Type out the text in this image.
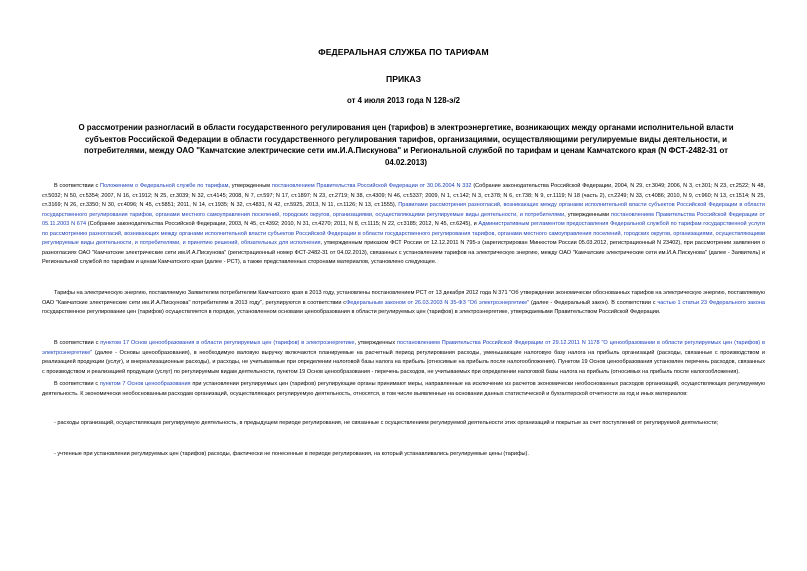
ФЕДЕРАЛЬНАЯ СЛУЖБА ПО ТАРИФАМ
ПРИКАЗ
от 4 июля 2013 года N 128-э/2
О рассмотрении разногласий в области государственного регулирования цен (тарифов) в электроэнергетике, возникающих между органами исполнительной власти субъектов Российской Федерации в области государственного регулирования тарифов, организациями, осуществляющими регулируемые виды деятельности, и потребителями, между ОАО "Камчатские электрические сети им.И.А.Пискунова" и Региональной службой по тарифам и ценам Камчатского края (N ФСТ-2482-31 от 04.02.2013)
В соответствии с Положением о Федеральной службе по тарифам, утвержденным постановлением Правительства Российской Федерации от 30.06.2004 N 332 (Собрание законодательства Российской Федерации, 2004, N 29, ст.3049; 2006, N 3, ст.301; N 23, ст.2522; N 48, ст.5032; N 50, ст.5354; 2007, N 16, ст.1912; N 25, ст.3039; N 32, ст.4145; 2008, N 7, ст.597; N 17, ст.1897; N 23, ст.2719; N 38, ст.4309; N 46, ст.5337; 2009, N 1, ст.142; N 3, ст.378; N 6, ст.738; N 9, ст.1119; N 18 (часть 2), ст.2249; N 33, ст.4086; 2010, N 9, ст.960; N 13, ст.1514; N 25, ст.3169; N 26, ст.3350; N 30, ст.4096; N 45, ст.5851; 2011, N 14, ст.1935; N 32, ст.4831, N 42, ст.5925, 2013, N 11, ст.1126; N 13, ст.1555), Правилами рассмотрения разногласий, возникающих между органами исполнительной власти субъектов Российской Федерации в области государственного регулирования тарифов, органами местного самоуправления поселений, городских округов, организациями, осуществляющими регулируемые виды деятельности, и потребителями, утвержденными постановлением Правительства Российской Федерации от 05.11.2003 N 674 (Собрание законодательства Российской Федерации, 2003, N 45, ст.4392; 2010, N 31, ст.4270; 2011, N 8, ст.1115; N 22, ст.3185; 2012, N 45, ст.6245), и Административным регламентом предоставления Федеральной службой по тарифам государственной услуги по рассмотрению разногласий, возникающих между органами исполнительной власти субъектов Российской Федерации в области государственного регулирования тарифов, органами местного самоуправления поселений, городских округов, организациями, осуществляющими регулируемые виды деятельности, и потребителями, и принятию решений, обязательных для исполнения, утвержденным приказом ФСТ России от 12.12.2011 N 795-э (зарегистрирован Минюстом России 05.03.2012, регистрационный N 23402), при рассмотрении заявления о разногласиях ОАО "Камчатские электрические сети им.И.А.Пискунова" (регистрационный номер ФСТ-2482-31 от 04.02.2013), связанных с установлением тарифов на электрическую энергию, между ОАО "Камчатские электрические сети им.И.А.Пискунова" (далее - Заявитель) и Региональной службой по тарифам и ценам Камчатского края (далее - РСТ), а также представленных сторонами материалов, установлено следующее.
Тарифы на электрическую энергию, поставляемую Заявителем потребителям Камчатского края в 2013 году, установлены постановлением РСТ от 13 декабря 2012 года N 371 "Об утверждении экономически обоснованных тарифов на электрическую энергию, поставляемую ОАО "Камчатские электрические сети им.И.А.Пискунова" потребителям в 2013 году", регулируются в соответствии сФедеральным законом от 26.03.2003 N 35-ФЗ "Об электроэнергетике" (далее - Федеральный закон). В соответствии с частью 1 статьи 23 Федерального закона государственное регулирование цен (тарифов) осуществляется в порядке, установленном основами ценообразования в области регулируемых цен (тарифов) в электроэнергетике, утверждаемыми Правительством Российской Федерации.
В соответствии с пунктом 17 Основ ценообразования в области регулируемых цен (тарифов) в электроэнергетике, утвержденных постановлением Правительства Российской Федерации от 29.12.2011 N 1178 "О ценообразовании в области регулируемых цен (тарифов) в электроэнергетике" (далее - Основы ценообразования), в необходимую валовую выручку включаются планируемые на расчетный период регулирования расходы, уменьшающие налоговую базу налога на прибыль организаций (расходы, связанные с производством и реализацией продукции (услуг), и внереализационные расходы), и расходы, не учитываемые при определении налоговой базы налога на прибыль (относимые на прибыль после налогообложения). Пунктом 19 Основ ценообразования установлен перечень расходов, связанных с производством и реализацией продукции (услуг) по регулируемым видам деятельности, пунктом 19 Основ ценообразования - перечень расходов, не учитываемых при определении налоговой базы налога на прибыль (относимых на прибыль после налогообложения).
В соответствии с пунктом 7 Основ ценообразования при установлении регулируемых цен (тарифов) регулирующие органы принимают меры, направленные на исключение из расчетов экономически необоснованных расходов организаций, осуществляющих регулируемую деятельность. К экономически необоснованным расходам организаций, осуществляющих регулируемую деятельность, относятся, в том числе выявленные на основании данных статистической и бухгалтерской отчетности за год и иных материалов:
- расходы организаций, осуществляющих регулируемую деятельность, в предыдущем периоде регулирования, не связанные с осуществлением регулируемой деятельности этих организаций и покрытые за счет поступлений от регулируемой деятельности;
- учтенные при установлении регулируемых цен (тарифов) расходы, фактически не понесенные в периоде регулирования, на который устанавливались регулируемые цены (тарифы).
